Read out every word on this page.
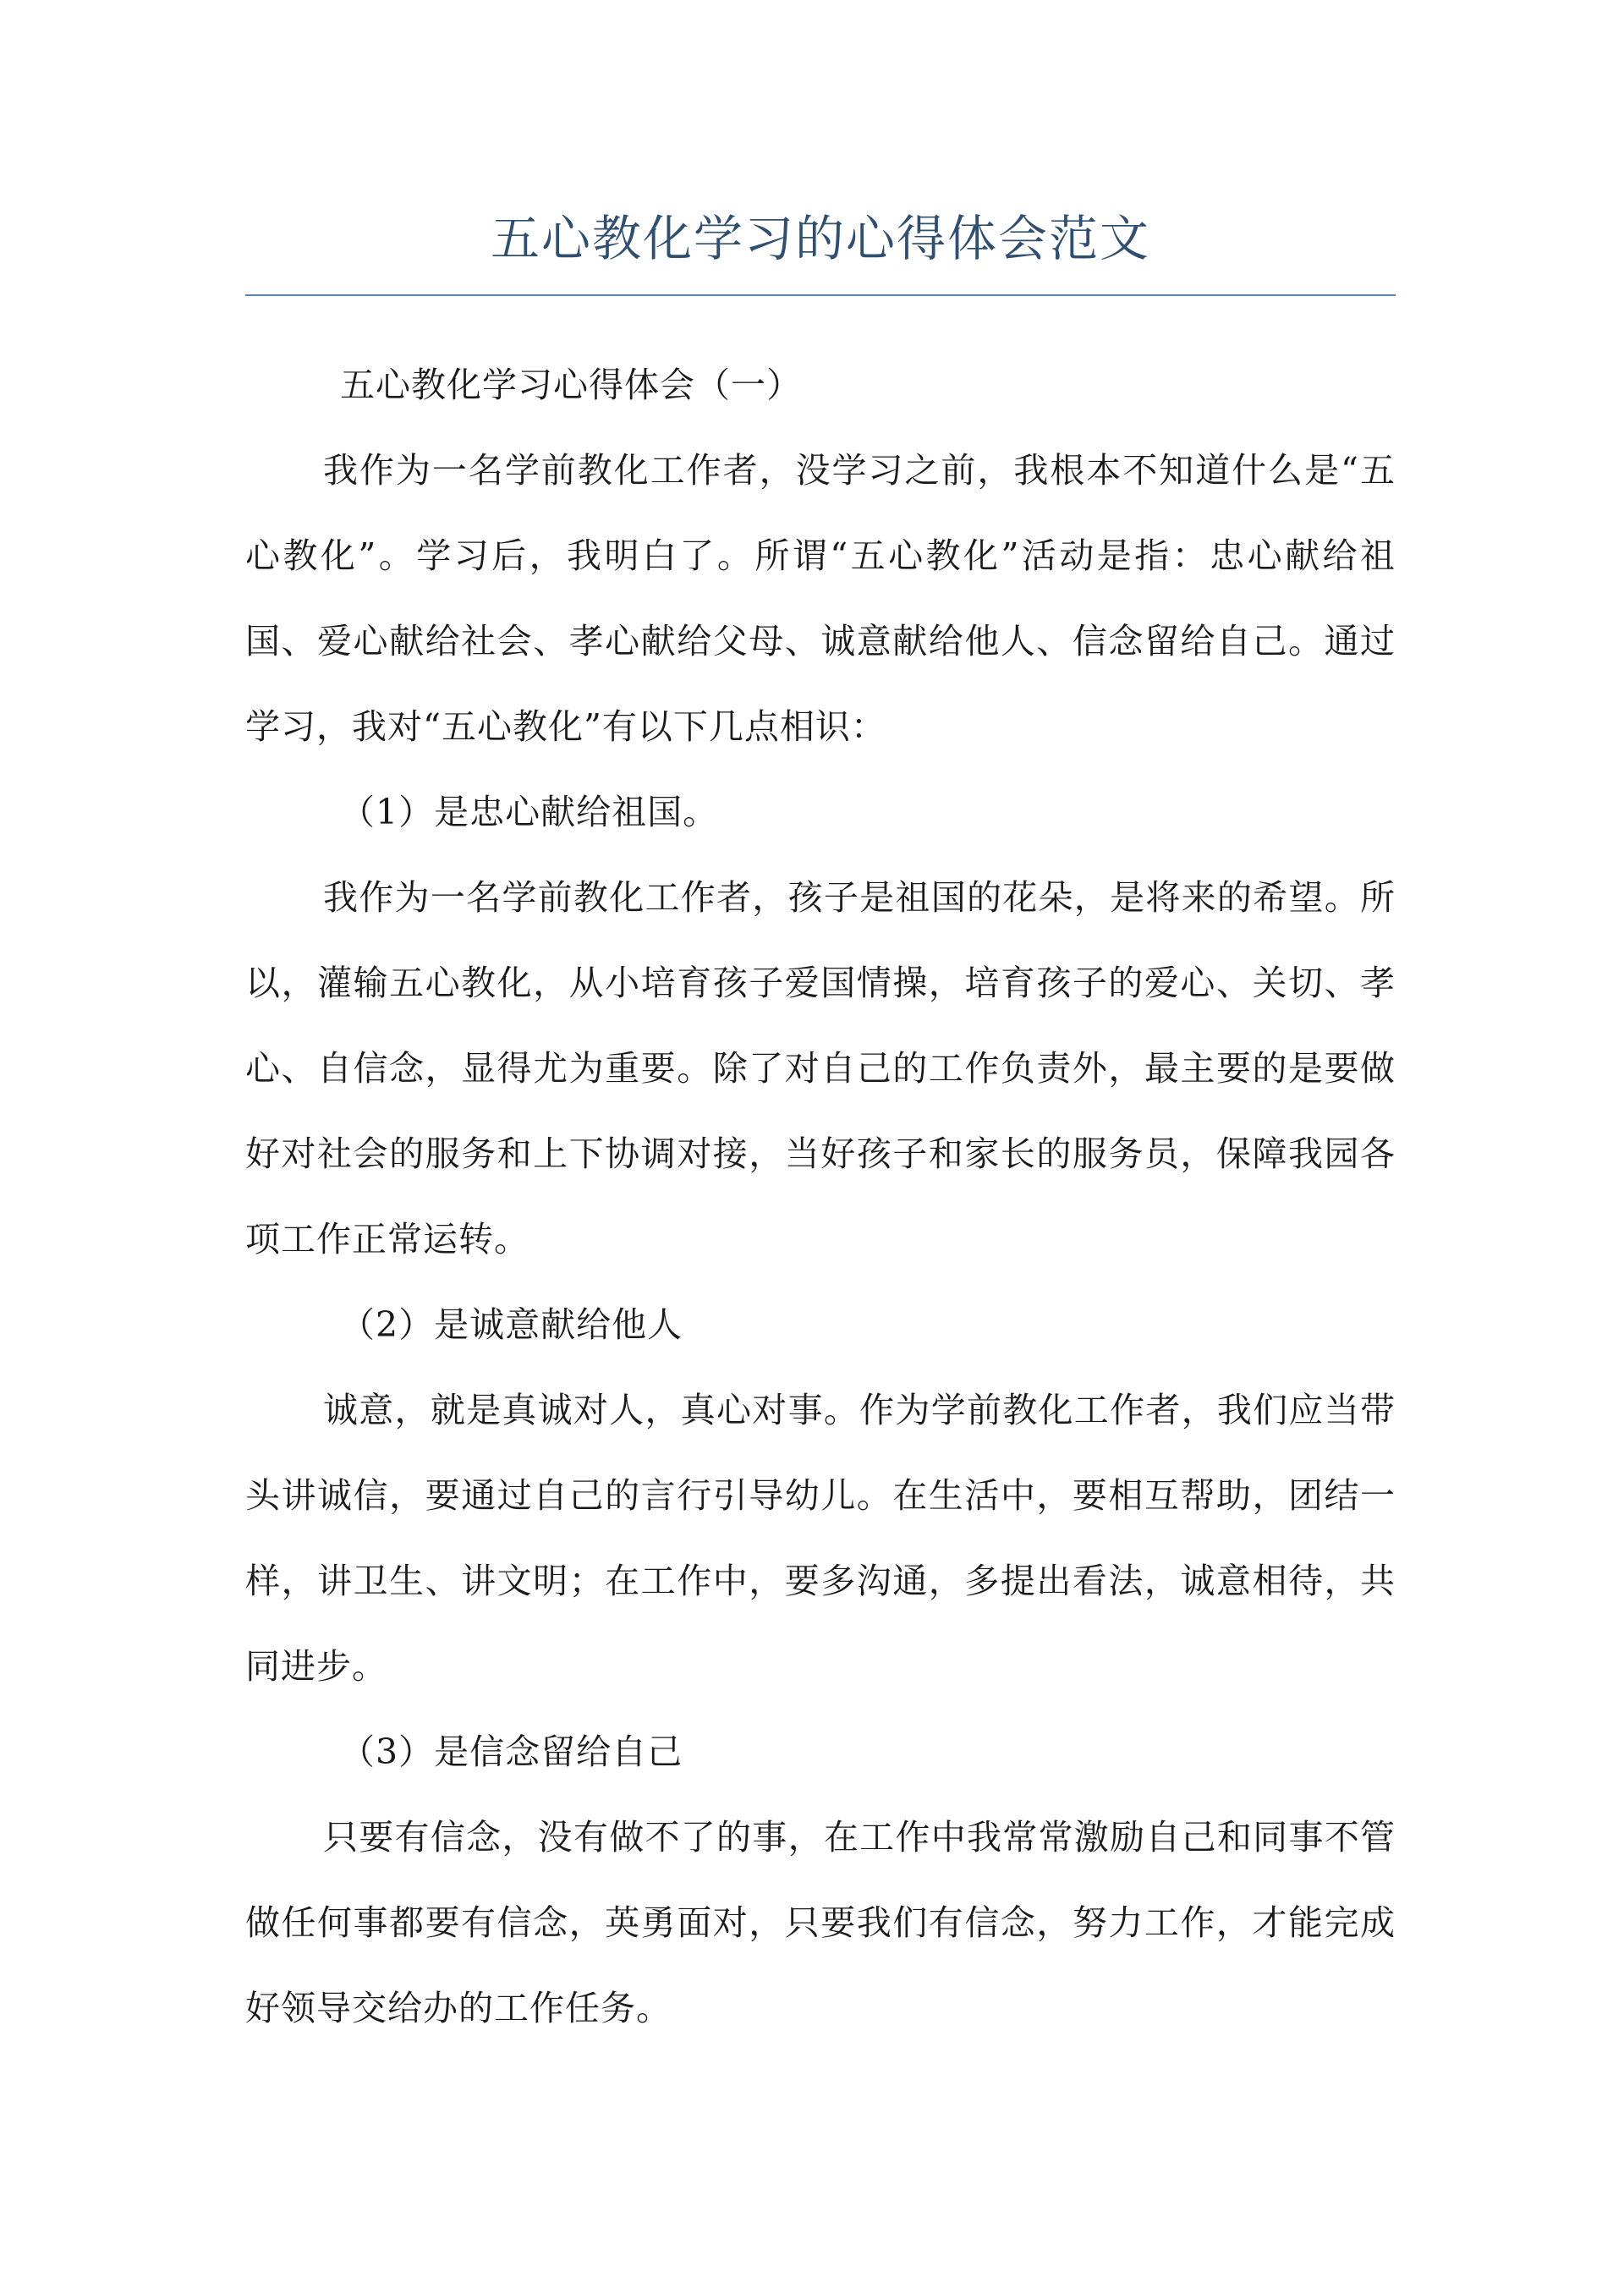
五心教化学习的心得体会范文

五心教化学习心得体会（一）

我作为一名学前教化工作者，没学习之前，我根本不知道什么是“五心教化”。学习后，我明白了。所谓“五心教化”活动是指：忠心献给祖国、爱心献给社会、孝心献给父母、诚意献给他人、信念留给自己。通过学习，我对“五心教化”有以下几点相识：

（1）是忠心献给祖国。

我作为一名学前教化工作者，孩子是祖国的花朵，是将来的希望。所以，灌输五心教化，从小培育孩子爱国情操，培育孩子的爱心、关切、孝心、自信念，显得尤为重要。除了对自己的工作负责外，最主要的是要做好对社会的服务和上下协调对接，当好孩子和家长的服务员，保障我园各项工作正常运转。

（2）是诚意献给他人

诚意，就是真诚对人，真心对事。作为学前教化工作者，我们应当带头讲诚信，要通过自己的言行引导幼儿。在生活中，要相互帮助，团结一样，讲卫生、讲文明；在工作中，要多沟通，多提出看法，诚意相待，共同进步。

（3）是信念留给自己

只要有信念，没有做不了的事，在工作中我常常激励自己和同事不管做任何事都要有信念，英勇面对，只要我们有信念，努力工作，才能完成好领导交给办的工作任务。
